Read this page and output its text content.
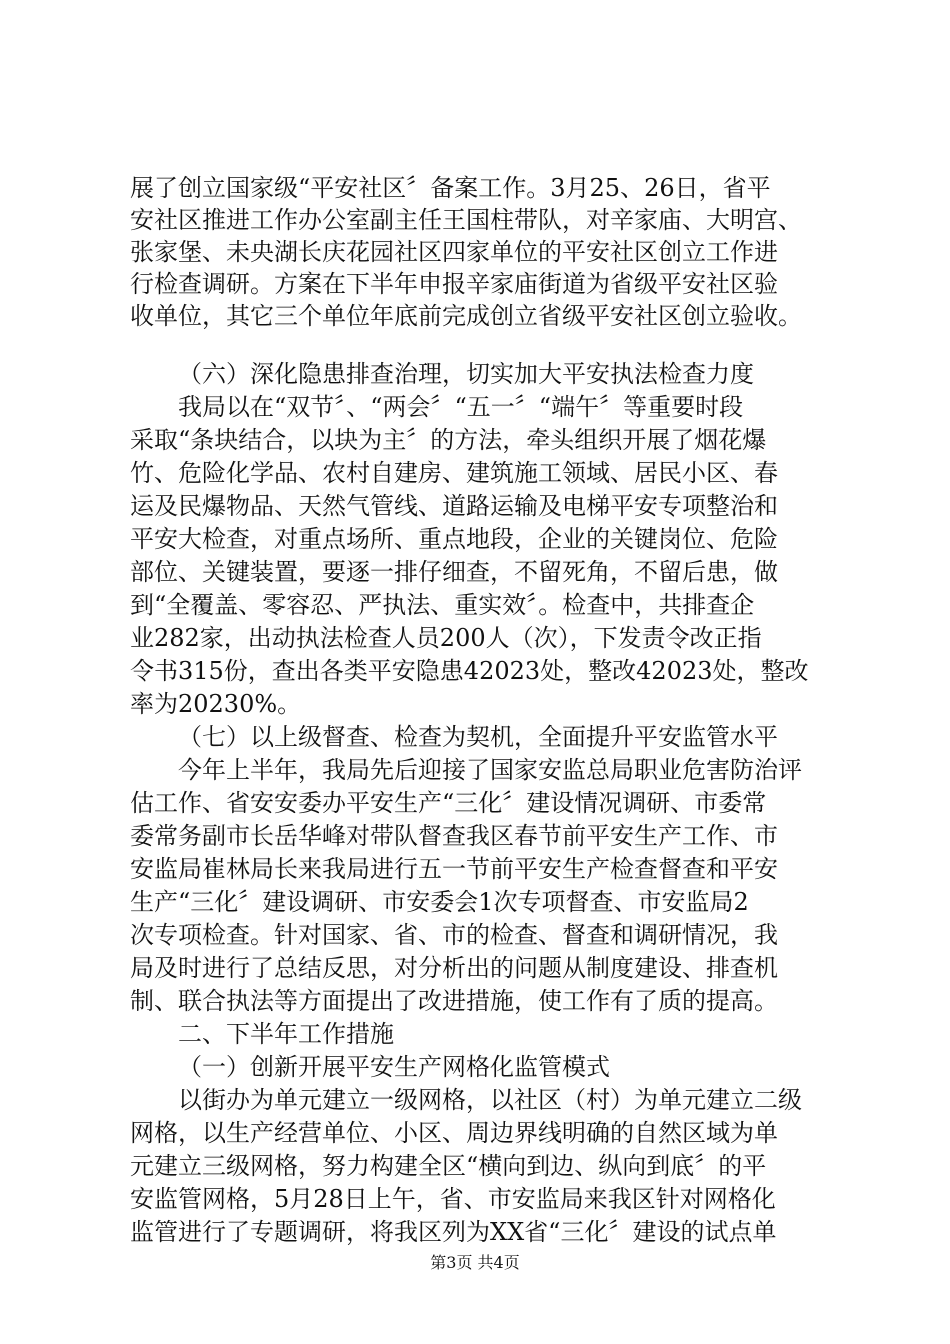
展了创立国家级“平安社区〞备案工作。3月25、26日，省平
安社区推进工作办公室副主任王国柱带队，对辛家庙、大明宫、
张家堡、未央湖长庆花园社区四家单位的平安社区创立工作进
行检查调研。方案在下半年申报辛家庙街道为省级平安社区验
收单位，其它三个单位年底前完成创立省级平安社区创立验收。
（六）深化隐患排查治理，切实加大平安执法检查力度
我局以在“双节〞、“两会〞“五一〞“端午〞等重要时段
采取“条块结合，以块为主〞的方法，牵头组织开展了烟花爆
竹、危险化学品、农村自建房、建筑施工领域、居民小区、春
运及民爆物品、天然气管线、道路运输及电梯平安专项整治和
平安大检查，对重点场所、重点地段，企业的关键岗位、危险
部位、关键装置，要逐一排仔细查，不留死角，不留后患，做
到“全覆盖、零容忍、严执法、重实效〞。检查中，共排查企
业282家，出动执法检查人员200人（次），下发责令改正指
令书315份，查出各类平安隐患42023处，整改42023处，整改
率为20230%。
（七）以上级督查、检查为契机，全面提升平安监管水平
今年上半年，我局先后迎接了国家安监总局职业危害防治评
估工作、省安安委办平安生产“三化〞建设情况调研、市委常
委常务副市长岳华峰对带队督查我区春节前平安生产工作、市
安监局崔林局长来我局进行五一节前平安生产检查督查和平安
生产“三化〞建设调研、市安委会1次专项督查、市安监局2
次专项检查。针对国家、省、市的检查、督查和调研情况，我
局及时进行了总结反思，对分析出的问题从制度建设、排查机
制、联合执法等方面提出了改进措施，使工作有了质的提高。
二、下半年工作措施
（一）创新开展平安生产网格化监管模式
以街办为单元建立一级网格，以社区（村）为单元建立二级
网格，以生产经营单位、小区、周边界线明确的自然区域为单
元建立三级网格，努力构建全区“横向到边、纵向到底〞的平
安监管网格，5月28日上午，省、市安监局来我区针对网格化
监管进行了专题调研，将我区列为XX省“三化〞建设的试点单
第3页 共4页
